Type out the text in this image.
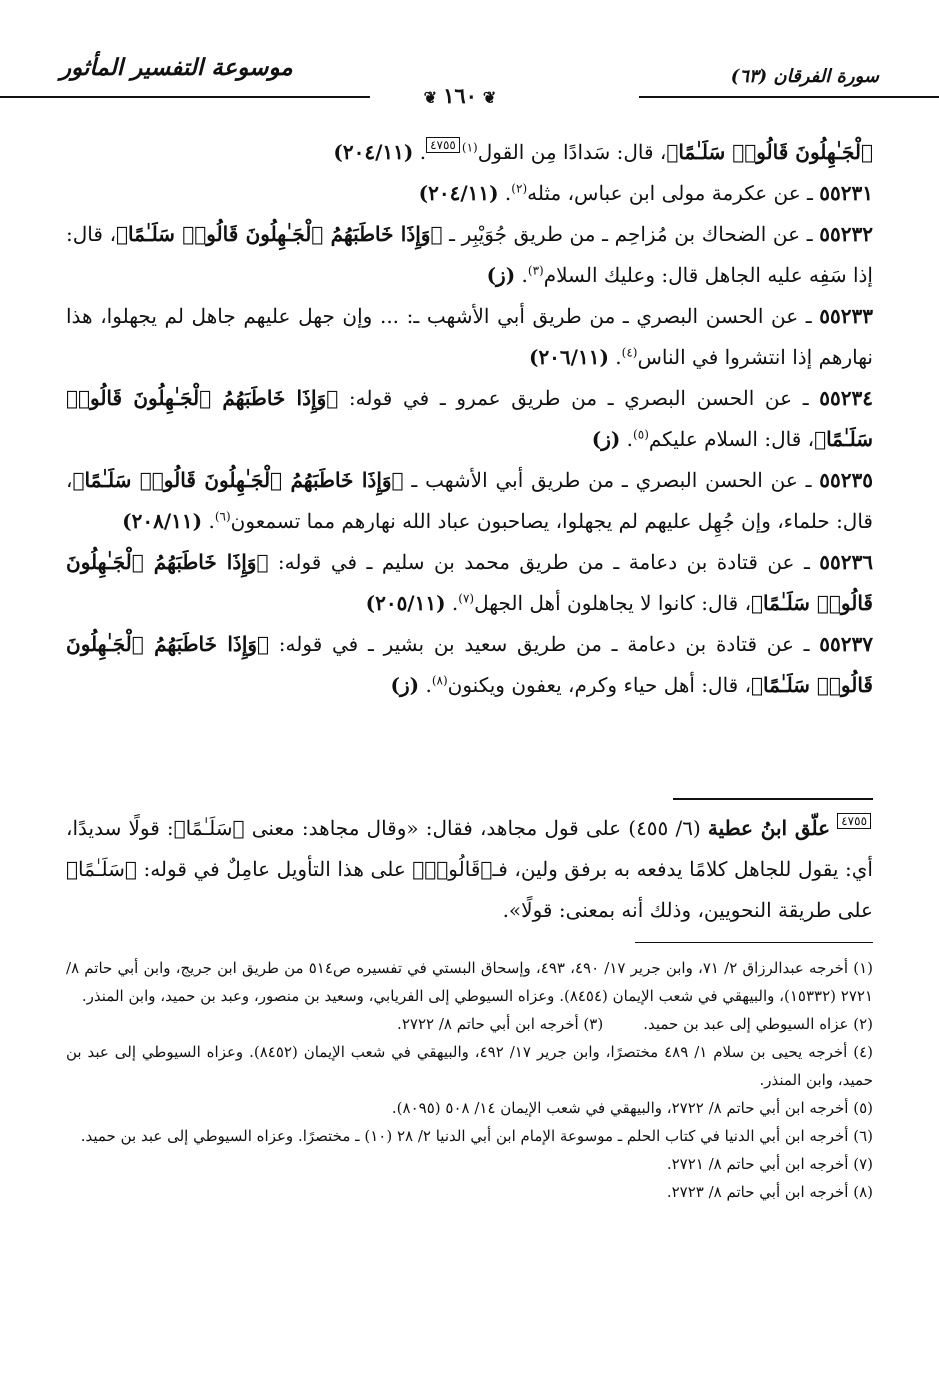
سورة الفرقان (٦٣)
موسوعة التفسير المأثور
❦ ١٦٠ ❦

ٱلْجَـٰهِلُونَ قَالُوا۟ سَلَـٰمًا﴾، قال: سَدادًا مِن القول$^{(١)}$٤٧٥٥. (٢٠٤/١١)

٥٥٢٣١ ـ عن عكرمة مولى ابن عباس، مثله$^{(٢)}$. (٢٠٤/١١)

٥٥٢٣٢ ـ عن الضحاك بن مُزاحِم ـ من طريق جُوَيْبِر ـ ﴿وَإِذَا خَاطَبَهُمُ ٱلْجَـٰهِلُونَ قَالُوا۟ سَلَـٰمًا﴾، قال: إذا سَفِه عليه الجاهل قال: وعليك السلام$^{(٣)}$. (ز)

٥٥٢٣٣ ـ عن الحسن البصري ـ من طريق أبي الأشهب ـ: ... وإن جهل عليهم جاهل لم يجهلوا، هذا نهارهم إذا انتشروا في الناس$^{(٤)}$. (٢٠٦/١١)

٥٥٢٣٤ ـ عن الحسن البصري ـ من طريق عمرو ـ في قوله: ﴿وَإِذَا خَاطَبَهُمُ ٱلْجَـٰهِلُونَ قَالُوا۟ سَلَـٰمًا﴾، قال: السلام عليكم$^{(٥)}$. (ز)

٥٥٢٣٥ ـ عن الحسن البصري ـ من طريق أبي الأشهب ـ ﴿وَإِذَا خَاطَبَهُمُ ٱلْجَـٰهِلُونَ قَالُوا۟ سَلَـٰمًا﴾، قال: حلماء، وإن جُهِل عليهم لم يجهلوا، يصاحبون عباد الله نهارهم مما تسمعون$^{(٦)}$. (٢٠٨/١١)

٥٥٢٣٦ ـ عن قتادة بن دعامة ـ من طريق محمد بن سليم ـ في قوله: ﴿وَإِذَا خَاطَبَهُمُ ٱلْجَـٰهِلُونَ قَالُوا۟ سَلَـٰمًا﴾، قال: كانوا لا يجاهلون أهل الجهل$^{(٧)}$. (٢٠٥/١١)

٥٥٢٣٧ ـ عن قتادة بن دعامة ـ من طريق سعيد بن بشير ـ في قوله: ﴿وَإِذَا خَاطَبَهُمُ ٱلْجَـٰهِلُونَ قَالُوا۟ سَلَـٰمًا﴾، قال: أهل حياء وكرم، يعفون ويكنون$^{(٨)}$. (ز)

٤٧٥٥ علّق ابنُ عطية (٦/ ٤٥٥) على قول مجاهد، فقال: «وقال مجاهد: معنى ﴿سَلَـٰمًا﴾: قولًا سديدًا، أي: يقول للجاهل كلامًا يدفعه به برفق ولين، فـ﴿قَالُوا۟﴾ على هذا التأويل عامِلٌ في قوله: ﴿سَلَـٰمًا﴾ على طريقة النحويين، وذلك أنه بمعنى: قولًا».

(١) أخرجه عبدالرزاق ٢/ ٧١، وابن جرير ١٧/ ٤٩٠، ٤٩٣، وإسحاق البستي في تفسيره ص٥١٤ من طريق ابن جريج، وابن أبي حاتم ٨/ ٢٧٢١ (١٥٣٣٢)، والبيهقي في شعب الإيمان (٨٤٥٤). وعزاه السيوطي إلى الفريابي، وسعيد بن منصور، وعبد بن حميد، وابن المنذر.

(٢) عزاه السيوطي إلى عبد بن حميد.
(٣) أخرجه ابن أبي حاتم ٨/ ٢٧٢٢.

(٤) أخرجه يحيى بن سلام ١/ ٤٨٩ مختصرًا، وابن جرير ١٧/ ٤٩٢، والبيهقي في شعب الإيمان (٨٤٥٢). وعزاه السيوطي إلى عبد بن حميد، وابن المنذر.

(٥) أخرجه ابن أبي حاتم ٨/ ٢٧٢٢، والبيهقي في شعب الإيمان ١٤/ ٥٠٨ (٨٠٩٥).

(٦) أخرجه ابن أبي الدنيا في كتاب الحلم ـ موسوعة الإمام ابن أبي الدنيا ٢/ ٢٨ (١٠) ـ مختصرًا. وعزاه السيوطي إلى عبد بن حميد.

(٧) أخرجه ابن أبي حاتم ٨/ ٢٧٢١.

(٨) أخرجه ابن أبي حاتم ٨/ ٢٧٢٣.
